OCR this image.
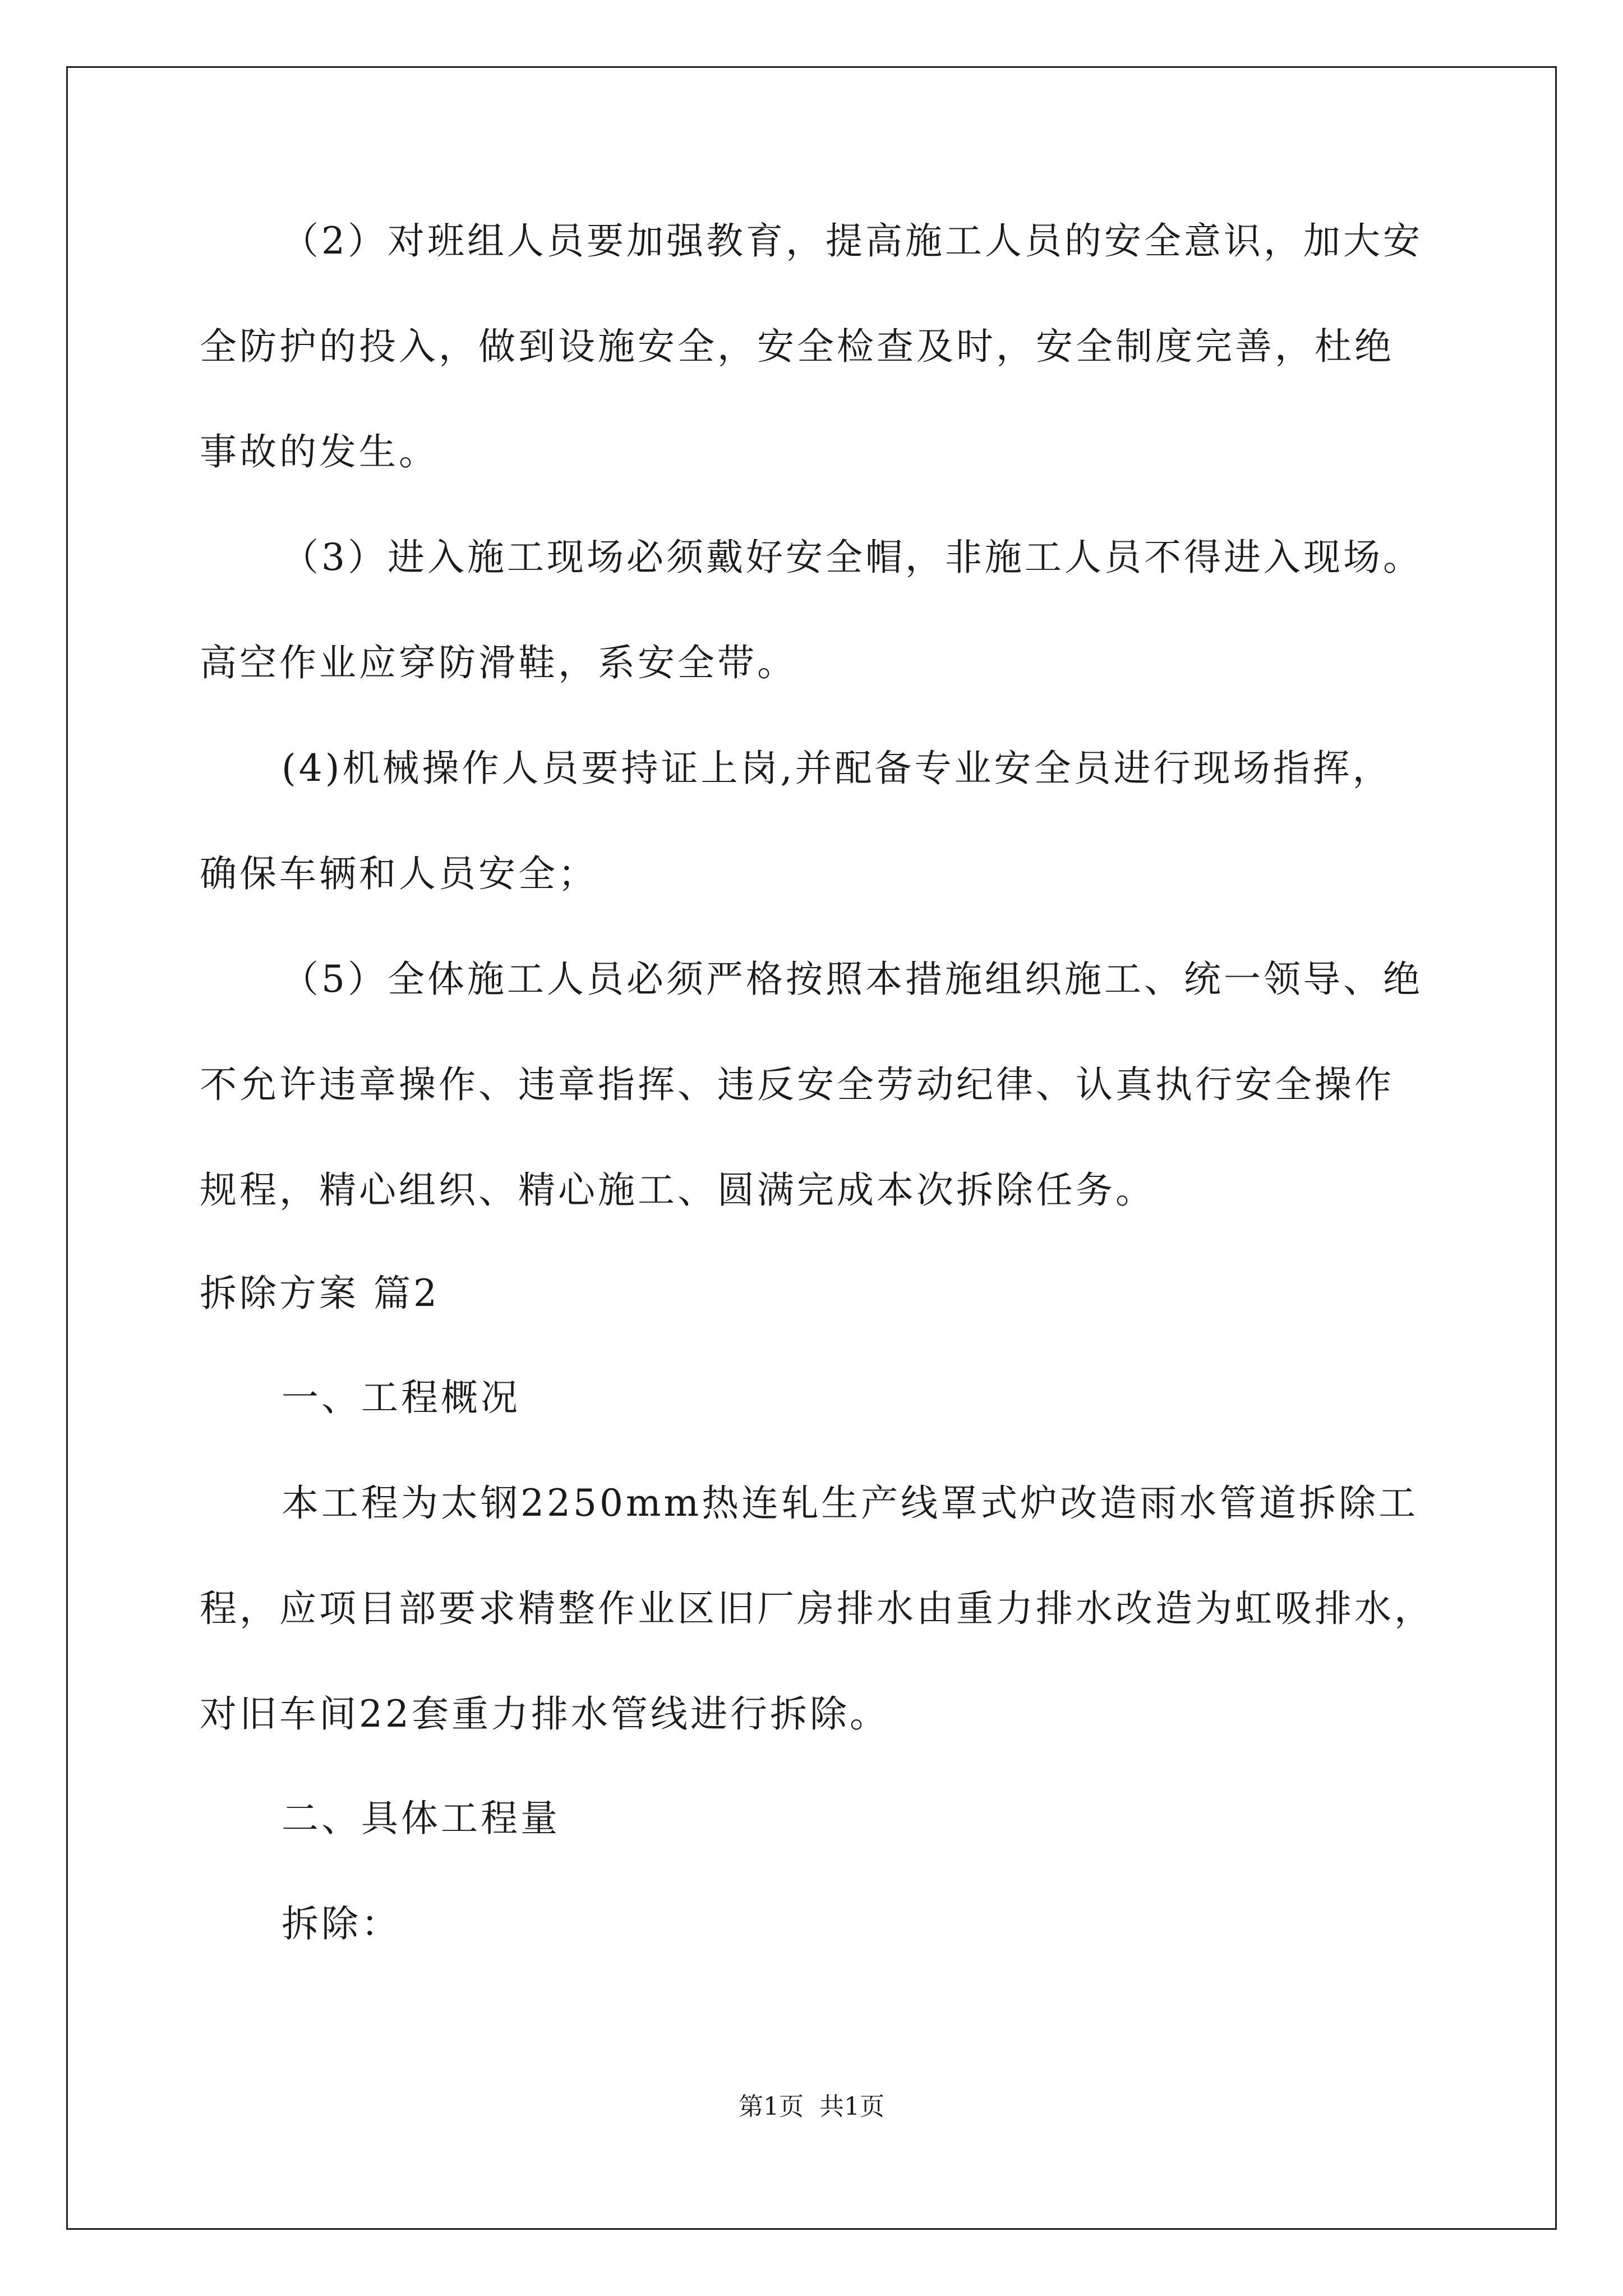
（2）对班组人员要加强教育，提高施工人员的安全意识，加大安
全防护的投入，做到设施安全，安全检查及时，安全制度完善，杜绝
事故的发生。
（3）进入施工现场必须戴好安全帽，非施工人员不得进入现场。
高空作业应穿防滑鞋，系安全带。
(4)机械操作人员要持证上岗,并配备专业安全员进行现场指挥，
确保车辆和人员安全；
（5）全体施工人员必须严格按照本措施组织施工、统一领导、绝
不允许违章操作、违章指挥、违反安全劳动纪律、认真执行安全操作
规程，精心组织、精心施工、圆满完成本次拆除任务。
拆除方案 篇2
一、工程概况
本工程为太钢2250mm热连轧生产线罩式炉改造雨水管道拆除工
程，应项目部要求精整作业区旧厂房排水由重力排水改造为虹吸排水，
对旧车间22套重力排水管线进行拆除。
二、具体工程量
拆除：
第1页  共1页
